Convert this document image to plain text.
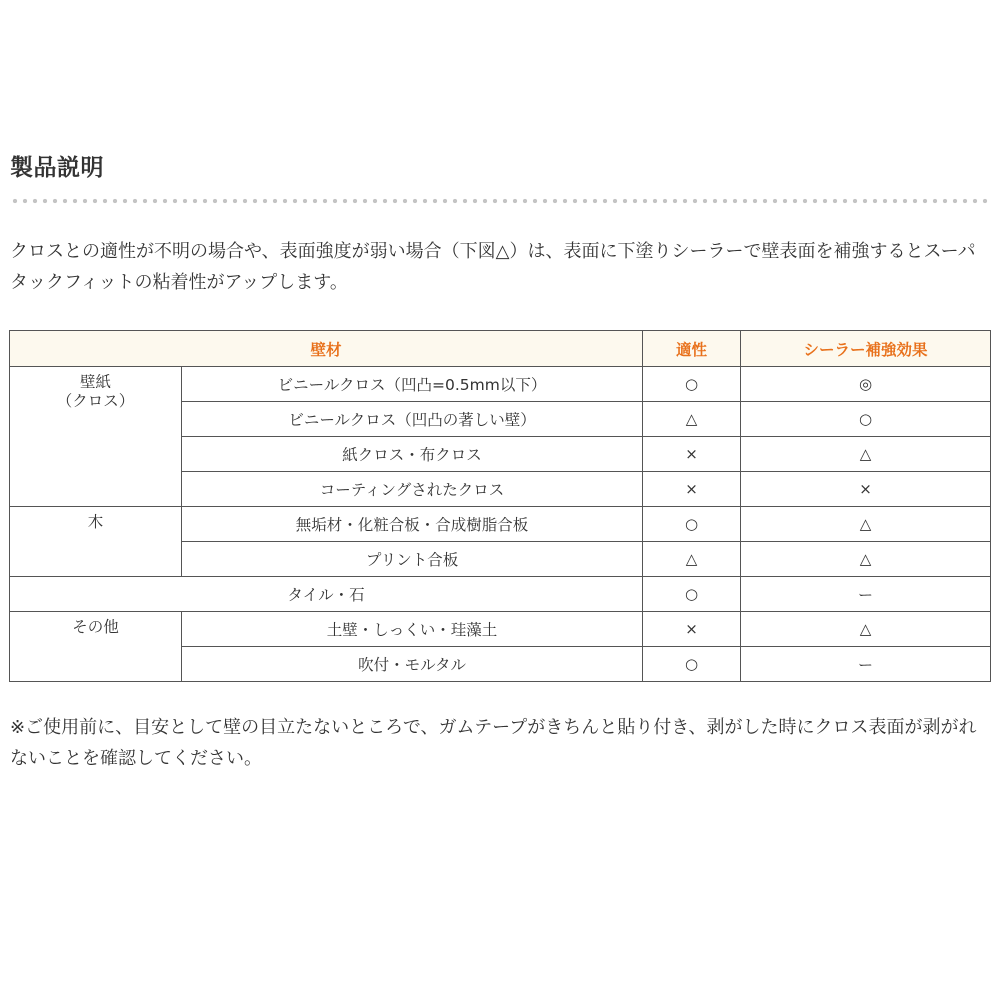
製品説明
クロスとの適性が不明の場合や、表面強度が弱い場合（下図△）は、表面に下塗りシーラーで壁表面を補強するとスーパタックフィットの粘着性がアップします。
壁材		適性	シーラー補強効果
壁紙
（クロス）	ビニールクロス（凹凸=0.5mm以下）	○	◎
	ビニールクロス（凹凸の著しい壁）	△	○
	紙クロス・布クロス	×	△
	コーティングされたクロス	×	×
木	無垢材・化粧合板・合成樹脂合板	○	△
	プリント合板	△	△
タイル・石		○	ー
その他	土壁・しっくい・珪藻土	×	△
	吹付・モルタル	○	ー
※ご使用前に、目安として壁の目立たないところで、ガムテープがきちんと貼り付き、剥がした時にクロス表面が剥がれないことを確認してください。
